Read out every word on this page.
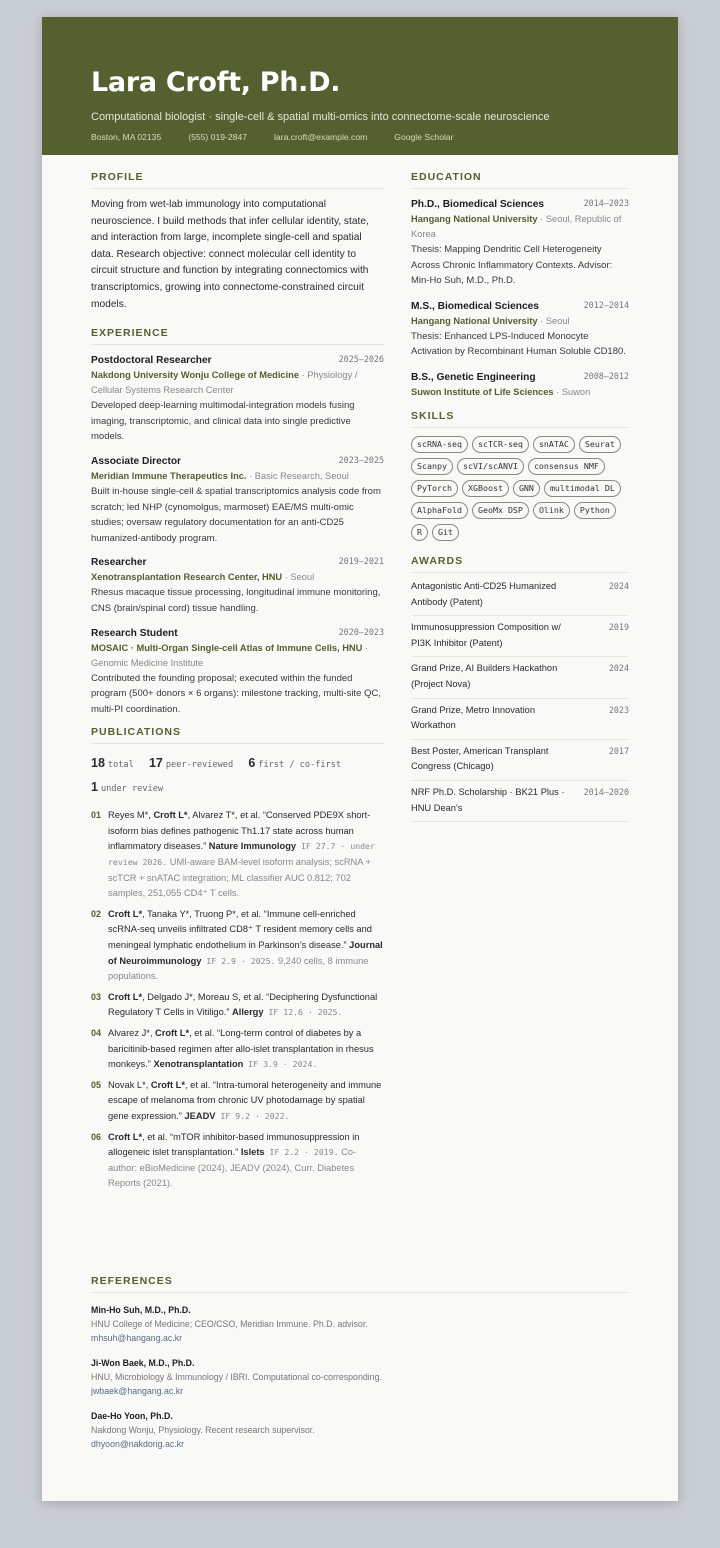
Lara Croft, Ph.D.
Computational biologist · single-cell & spatial multi-omics into connectome-scale neuroscience
Boston, MA 02135	(555) 019-2847	lara.croft@example.com	Google Scholar
PROFILE

Moving from wet-lab immunology into computational neuroscience. I build methods that infer cellular identity, state, and interaction from large, incomplete single-cell and spatial data. Research objective: connect molecular cell identity to circuit structure and function by integrating connectomics with transcriptomics, growing into connectome-constrained circuit models.

EXPERIENCE
Postdoctoral Researcher	2025–2026
Nakdong University Wonju College of Medicine · Physiology / Cellular Systems Research Center
Developed deep-learning multimodal-integration models fusing imaging, transcriptomic, and clinical data into single predictive models.
Associate Director	2023–2025
Meridian Immune Therapeutics Inc. · Basic Research, Seoul
Built in-house single-cell & spatial transcriptomics analysis code from scratch; led NHP (cynomolgus, marmoset) EAE/MS multi-omic studies; oversaw regulatory documentation for an anti-CD25 humanized-antibody program.
Researcher	2019–2021
Xenotransplantation Research Center, HNU · Seoul
Rhesus macaque tissue processing, longitudinal immune monitoring, CNS (brain/spinal cord) tissue handling.
Research Student	2020–2023
MOSAIC · Multi-Organ Single-cell Atlas of Immune Cells, HNU · Genomic Medicine Institute
Contributed the founding proposal; executed within the funded program (500+ donors × 6 organs): milestone tracking, multi-site QC, multi-PI coordination.
PUBLICATIONS
18 total 17 peer-reviewed 6 first / co-first
1 under review
01 Reyes M*, Croft L*, Alvarez T*, et al. “Conserved PDE9X short-isoform bias defines pathogenic Th1.17 state across human inflammatory diseases.” Nature Immunology IF 27.7 · under review 2026. UMI-aware BAM-level isoform analysis; scRNA + scTCR + snATAC integration; ML classifier AUC 0.812; 702 samples, 251,055 CD4⁺ T cells.
02 Croft L*, Tanaka Y*, Truong P*, et al. “Immune cell-enriched scRNA-seq unveils infiltrated CD8⁺ T resident memory cells and meningeal lymphatic endothelium in Parkinson’s disease.” Journal of Neuroimmunology IF 2.9 · 2025. 9,240 cells, 8 immune populations.
03 Croft L*, Delgado J*, Moreau S, et al. “Deciphering Dysfunctional Regulatory T Cells in Vitiligo.” Allergy IF 12.6 · 2025.
04 Alvarez J*, Croft L*, et al. “Long-term control of diabetes by a baricitinib-based regimen after allo-islet transplantation in rhesus monkeys.” Xenotransplantation IF 3.9 · 2024.
05 Novak L*, Croft L*, et al. “Intra-tumoral heterogeneity and immune escape of melanoma from chronic UV photodamage by spatial gene expression.” JEADV IF 9.2 · 2022.
06 Croft L*, et al. “mTOR inhibitor-based immunosuppression in allogeneic islet transplantation.” Islets IF 2.2 · 2019. Co-author: eBioMedicine (2024), JEADV (2024), Curr. Diabetes Reports (2021).
EDUCATION
Ph.D., Biomedical Sciences	2014–2023
Hangang National University · Seoul, Republic of Korea
Thesis: Mapping Dendritic Cell Heterogeneity Across Chronic Inflammatory Contexts. Advisor: Min-Ho Suh, M.D., Ph.D.
M.S., Biomedical Sciences	2012–2014
Hangang National University · Seoul
Thesis: Enhanced LPS-Induced Monocyte Activation by Recombinant Human Soluble CD180.
B.S., Genetic Engineering	2008–2012
Suwon Institute of Life Sciences · Suwon
SKILLS
scRNA-seq	scTCR-seq	snATAC	Seurat
Scanpy	scVI/scANVI	consensus NMF
PyTorch	XGBoost	GNN	multimodal DL
AlphaFold	GeoMx DSP	Olink	Python
R	Git
AWARDS
Antagonistic Anti-CD25 Humanized Antibody (Patent)
2024
Immunosuppression Composition w/ PI3K Inhibitor (Patent)
2019
Grand Prize, AI Builders Hackathon (Project Nova)
2024
Grand Prize, Metro Innovation Workathon
2023
Best Poster, American Transplant Congress (Chicago)
2017
NRF Ph.D. Scholarship · BK21 Plus · HNU Dean's
2014–2020
REFERENCES
Min-Ho Suh, M.D., Ph.D.
HNU College of Medicine; CEO/CSO, Meridian Immune. Ph.D. advisor.
mhsuh@hangang.ac.kr
Ji-Won Baek, M.D., Ph.D.
HNU, Microbiology & Immunology / IBRI. Computational co-corresponding.
jwbaek@hangang.ac.kr
Dae-Ho Yoon, Ph.D.
Nakdong Wonju, Physiology. Recent research supervisor.
dhyoon@nakdong.ac.kr
